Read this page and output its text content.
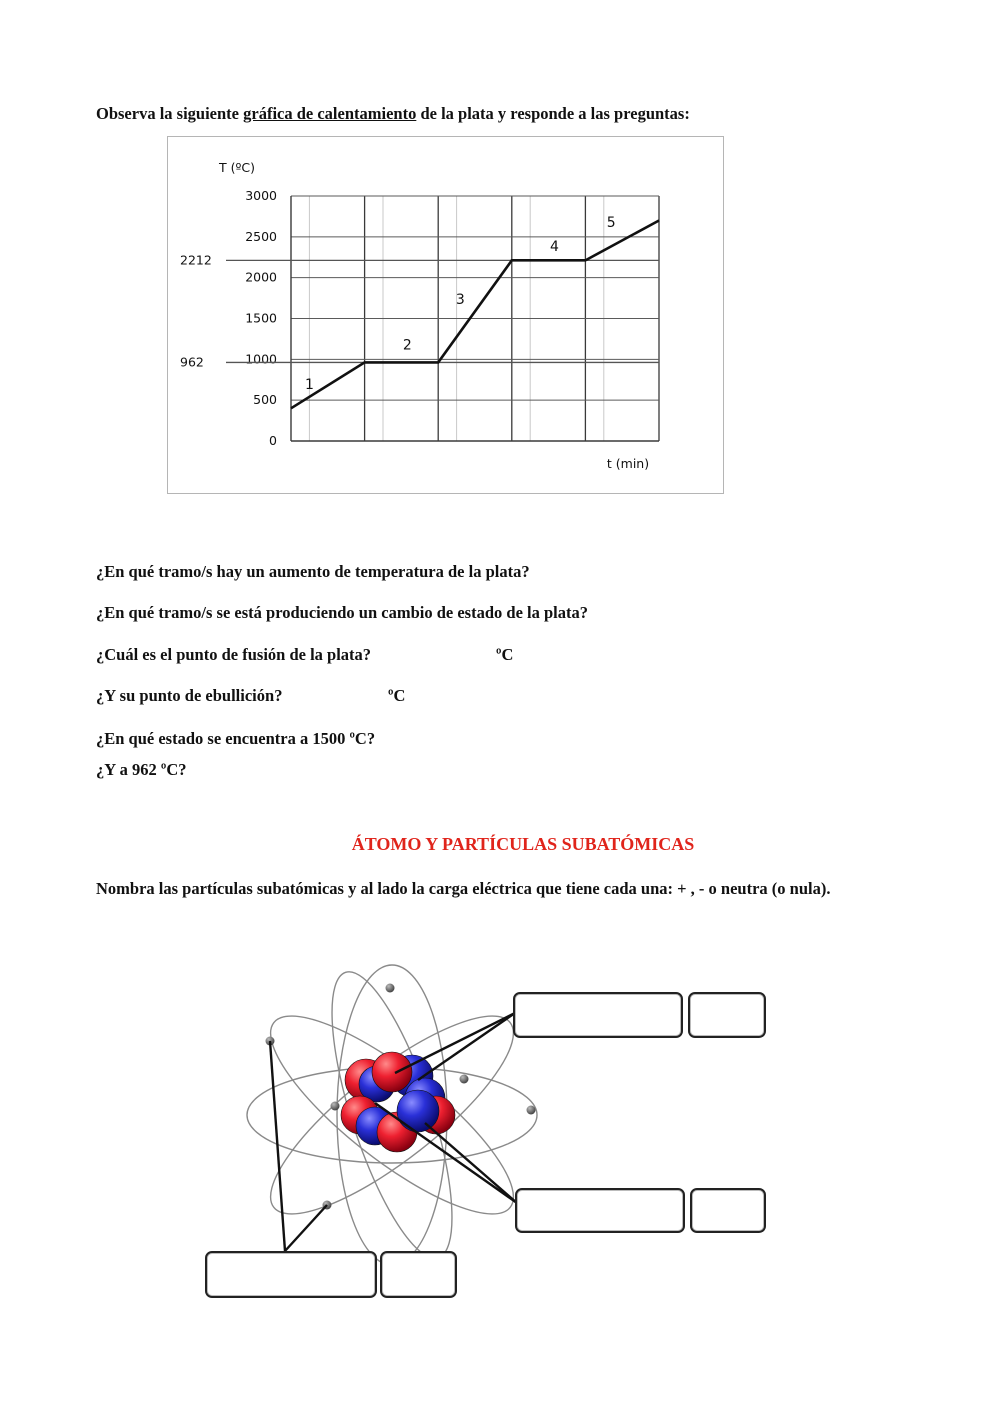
Observa la siguiente gráfica de calentamiento de la plata y responde a las preguntas:
0
500
1000
1500
2000
2500
3000
962
2212
1
2
3
4
5
T (ºC)
t (min)
¿En qué tramo/s hay un aumento de temperatura de la plata?
¿En qué tramo/s se está produciendo un cambio de estado de la plata?
¿Cuál es el punto de fusión de la plata?	ºC
¿Y su punto de ebullición?	ºC
¿En qué estado se encuentra a 1500 ºC?
¿Y a 962 ºC?
ÁTOMO Y PARTÍCULAS SUBATÓMICAS
Nombra las partículas subatómicas y al lado la carga eléctrica que tiene cada una: + , - o neutra (o nula).
